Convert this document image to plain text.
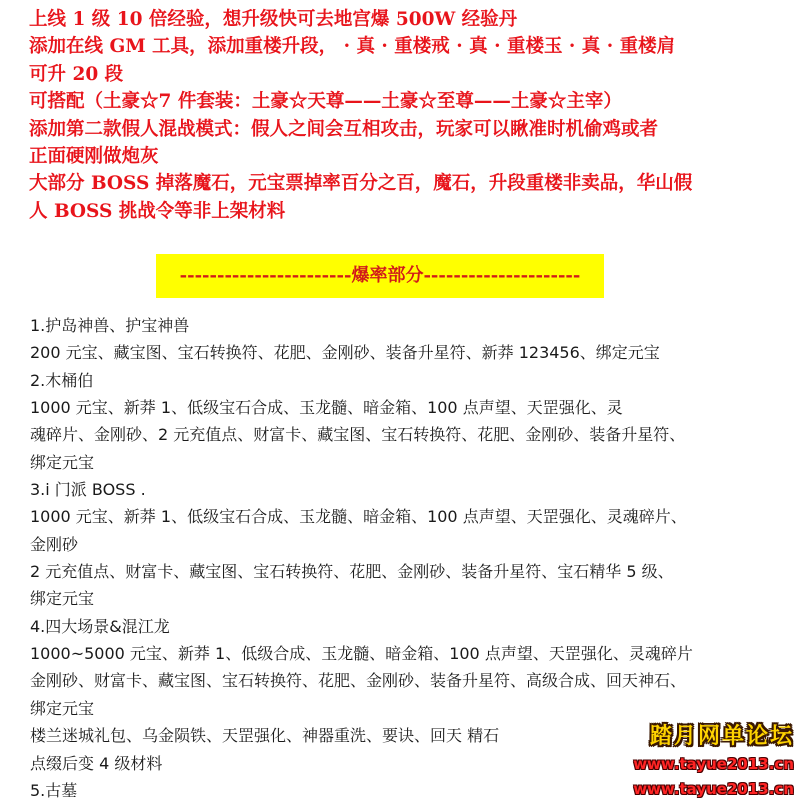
上线 1 级 10 倍经验，想升级快可去地宫爆 500W 经验丹
添加在线 GM 工具，添加重楼升段， · 真 · 重楼戒 · 真 · 重楼玉 · 真 · 重楼肩
可升 20 段
可搭配（土豪☆7 件套装：土豪☆天尊——土豪☆至尊——土豪☆主宰）
添加第二款假人混战模式：假人之间会互相攻击，玩家可以瞅准时机偷鸡或者
正面硬刚做炮灰
大部分 BOSS 掉落魔石，元宝票掉率百分之百，魔石，升段重楼非卖品，华山假
人 BOSS 挑战令等非上架材料
-----------------------爆率部分---------------------
1.护岛神兽、护宝神兽
200 元宝、藏宝图、宝石转换符、花肥、金刚砂、装备升星符、新莽 123456、绑定元宝
2.木桶伯
1000 元宝、新莽 1、低级宝石合成、玉龙髓、暗金箱、100 点声望、天罡强化、灵
魂碎片、金刚砂、2 元充值点、财富卡、藏宝图、宝石转换符、花肥、金刚砂、装备升星符、
绑定元宝
3.i 门派 BOSS .
1000 元宝、新莽 1、低级宝石合成、玉龙髓、暗金箱、100 点声望、天罡强化、灵魂碎片、
金刚砂
2 元充值点、财富卡、藏宝图、宝石转换符、花肥、金刚砂、装备升星符、宝石精华 5 级、
绑定元宝
4.四大场景&混江龙
1000~5000 元宝、新莽 1、低级合成、玉龙髓、暗金箱、100 点声望、天罡强化、灵魂碎片
金刚砂、财富卡、藏宝图、宝石转换符、花肥、金刚砂、装备升星符、高级合成、回天神石、
绑定元宝
楼兰迷城礼包、乌金陨铁、天罡强化、神器重洗、要诀、回天 精石
点缀后变 4 级材料
5.古墓
踏月网单论坛
www.tayue2013.cn
www.tayue2013.cn
